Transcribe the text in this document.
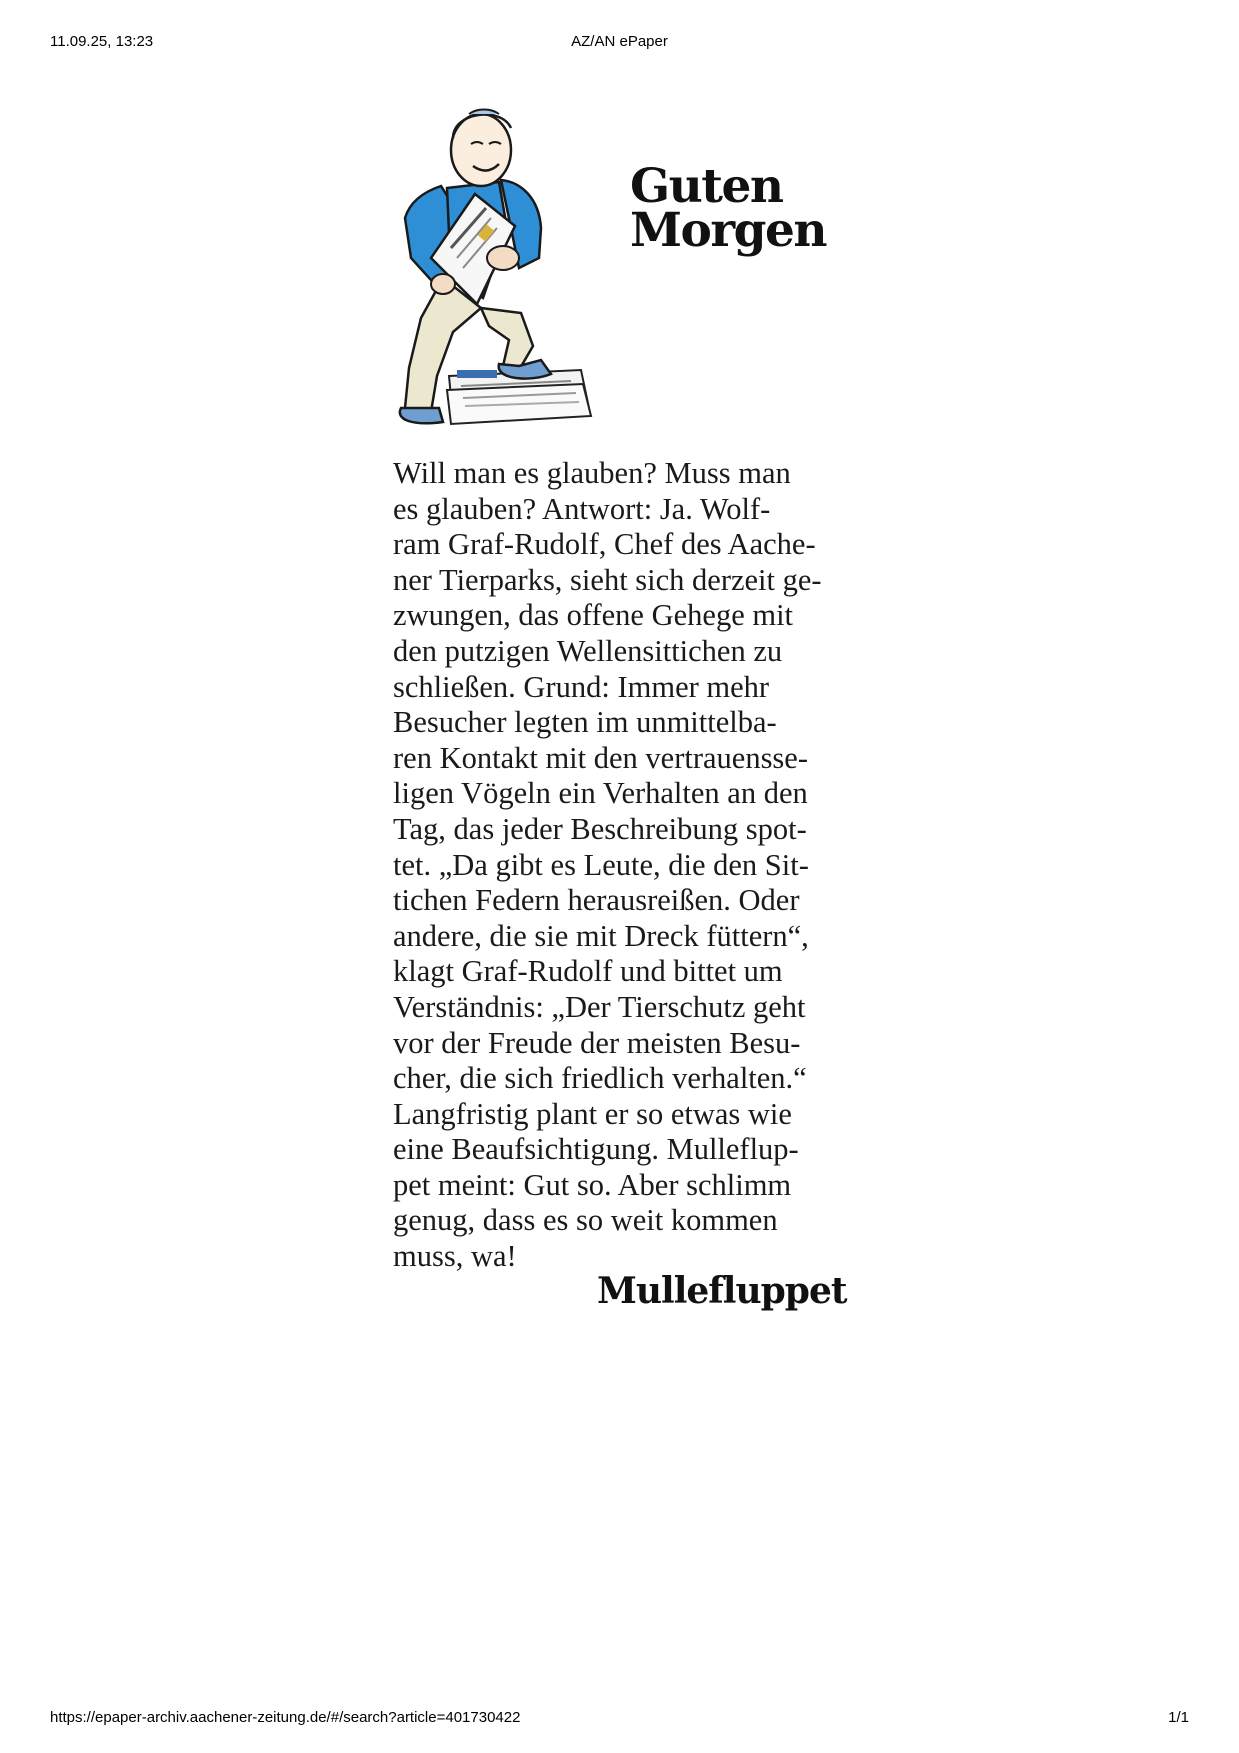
11.09.25, 13:23	AZ/AN ePaper
Guten
Morgen

Will man es glauben? Muss man
es glauben? Antwort: Ja. Wolf-
ram Graf-Rudolf, Chef des Aache-
ner Tierparks, sieht sich derzeit ge-
zwungen, das offene Gehege mit
den putzigen Wellensittichen zu
schließen. Grund: Immer mehr
Besucher legten im unmittelba-
ren Kontakt mit den vertrauensse-
ligen Vögeln ein Verhalten an den
Tag, das jeder Beschreibung spot-
tet. „Da gibt es Leute, die den Sit-
tichen Federn herausreißen. Oder
andere, die sie mit Dreck füttern“,
klagt Graf-Rudolf und bittet um
Verständnis: „Der Tierschutz geht
vor der Freude der meisten Besu-
cher, die sich friedlich verhalten.“
Langfristig plant er so etwas wie
eine Beaufsichtigung. Mulleflup-
pet meint: Gut so. Aber schlimm
genug, dass es so weit kommen
muss, wa!

Mullefluppet
https://epaper-archiv.aachener-zeitung.de/#/search?article=401730422	1/1
